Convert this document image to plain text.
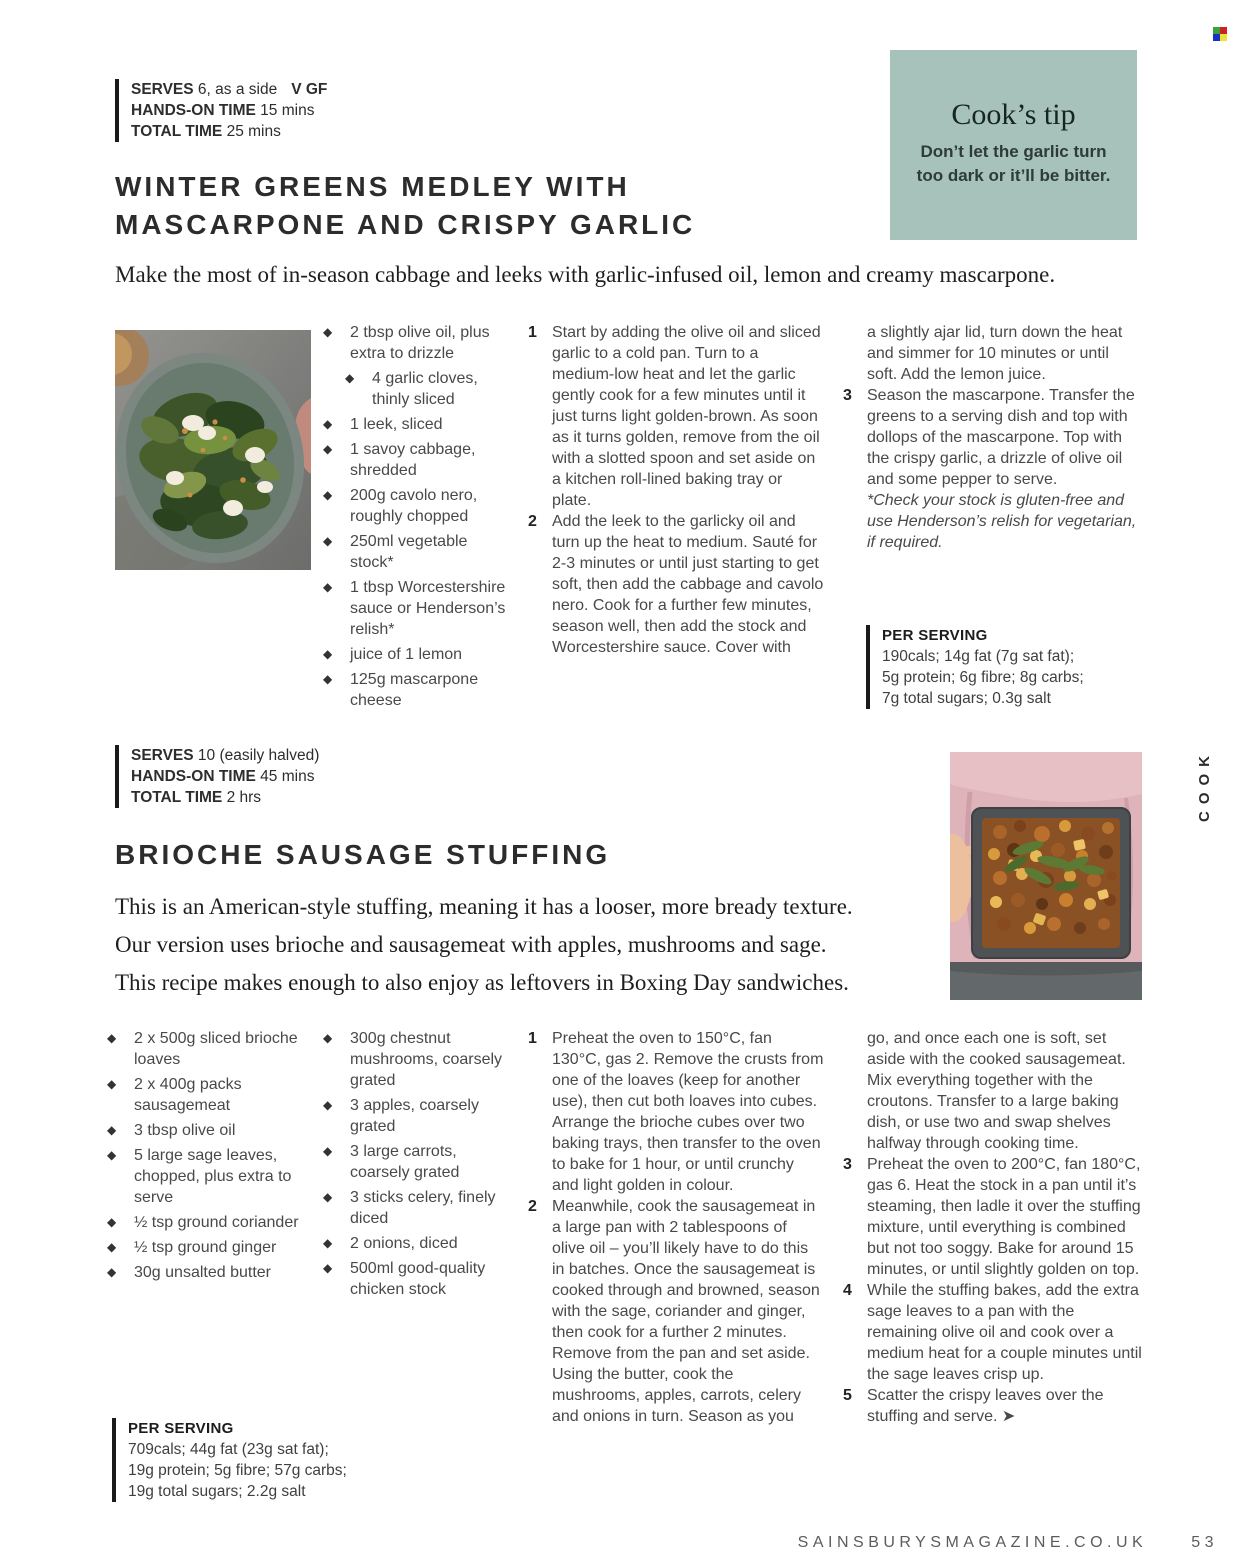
SERVES 6, as a side V GF
HANDS-ON TIME 15 mins
TOTAL TIME 25 mins
Cook’s tip
Don’t let the garlic turn too dark or it’ll be bitter.
WINTER GREENS MEDLEY WITH
MASCARPONE AND CRISPY GARLIC
Make the most of in-season cabbage and leeks with garlic-infused oil, lemon and creamy mascarpone.
◆ 2 tbsp olive oil, plus extra to drizzle
◆ 4 garlic cloves, thinly sliced
◆ 1 leek, sliced
◆ 1 savoy cabbage, shredded
◆ 200g cavolo nero, roughly chopped
◆ 250ml vegetable stock*
◆ 1 tbsp Worcestershire sauce or Henderson’s relish*
◆ juice of 1 lemon
◆ 125g mascarpone cheese
1 Start by adding the olive oil and sliced garlic to a cold pan. Turn to a medium-low heat and let the garlic gently cook for a few minutes until it just turns light golden-brown. As soon as it turns golden, remove from the oil with a slotted spoon and set aside on a kitchen roll-lined baking tray or plate.
2 Add the leek to the garlicky oil and turn up the heat to medium. Sauté for 2-3 minutes or until just starting to get soft, then add the cabbage and cavolo nero. Cook for a further few minutes, season well, then add the stock and Worcestershire sauce. Cover with
a slightly ajar lid, turn down the heat and simmer for 10 minutes or until soft. Add the lemon juice.
3 Season the mascarpone. Transfer the greens to a serving dish and top with dollops of the mascarpone. Top with the crispy garlic, a drizzle of olive oil and some pepper to serve.
*Check your stock is gluten-free and use Henderson’s relish for vegetarian, if required.
PER SERVING
190cals; 14g fat (7g sat fat);
5g protein; 6g fibre; 8g carbs;
7g total sugars; 0.3g salt
SERVES 10 (easily halved)
HANDS-ON TIME 45 mins
TOTAL TIME 2 hrs	COOK
BRIOCHE SAUSAGE STUFFING
This is an American-style stuffing, meaning it has a looser, more bready texture.
Our version uses brioche and sausagemeat with apples, mushrooms and sage.
This recipe makes enough to also enjoy as leftovers in Boxing Day sandwiches.
◆ 2 x 500g sliced brioche loaves
◆ 2 x 400g packs sausagemeat
◆ 3 tbsp olive oil
◆ 5 large sage leaves, chopped, plus extra to serve
◆ ½ tsp ground coriander
◆ ½ tsp ground ginger
◆ 30g unsalted butter
◆ 300g chestnut mushrooms, coarsely grated
◆ 3 apples, coarsely grated
◆ 3 large carrots, coarsely grated
◆ 3 sticks celery, finely diced
◆ 2 onions, diced
◆ 500ml good-quality chicken stock
1 Preheat the oven to 150°C, fan 130°C, gas 2. Remove the crusts from one of the loaves (keep for another use), then cut both loaves into cubes. Arrange the brioche cubes over two baking trays, then transfer to the oven to bake for 1 hour, or until crunchy and light golden in colour.
2 Meanwhile, cook the sausagemeat in a large pan with 2 tablespoons of olive oil – you’ll likely have to do this in batches. Once the sausagemeat is cooked through and browned, season with the sage, coriander and ginger, then cook for a further 2 minutes. Remove from the pan and set aside. Using the butter, cook the mushrooms, apples, carrots, celery and onions in turn. Season as you
go, and once each one is soft, set aside with the cooked sausagemeat. Mix everything together with the croutons. Transfer to a large baking dish, or use two and swap shelves halfway through cooking time.
3 Preheat the oven to 200°C, fan 180°C, gas 6. Heat the stock in a pan until it’s steaming, then ladle it over the stuffing mixture, until everything is combined but not too soggy. Bake for around 15 minutes, or until slightly golden on top.
4 While the stuffing bakes, add the extra sage leaves to a pan with the remaining olive oil and cook over a medium heat for a couple minutes until the sage leaves crisp up.
5 Scatter the crispy leaves over the stuffing and serve. ➤
PER SERVING
709cals; 44g fat (23g sat fat);
19g protein; 5g fibre; 57g carbs;
19g total sugars; 2.2g salt
SAINSBURYSMAGAZINE.CO.UK	53
